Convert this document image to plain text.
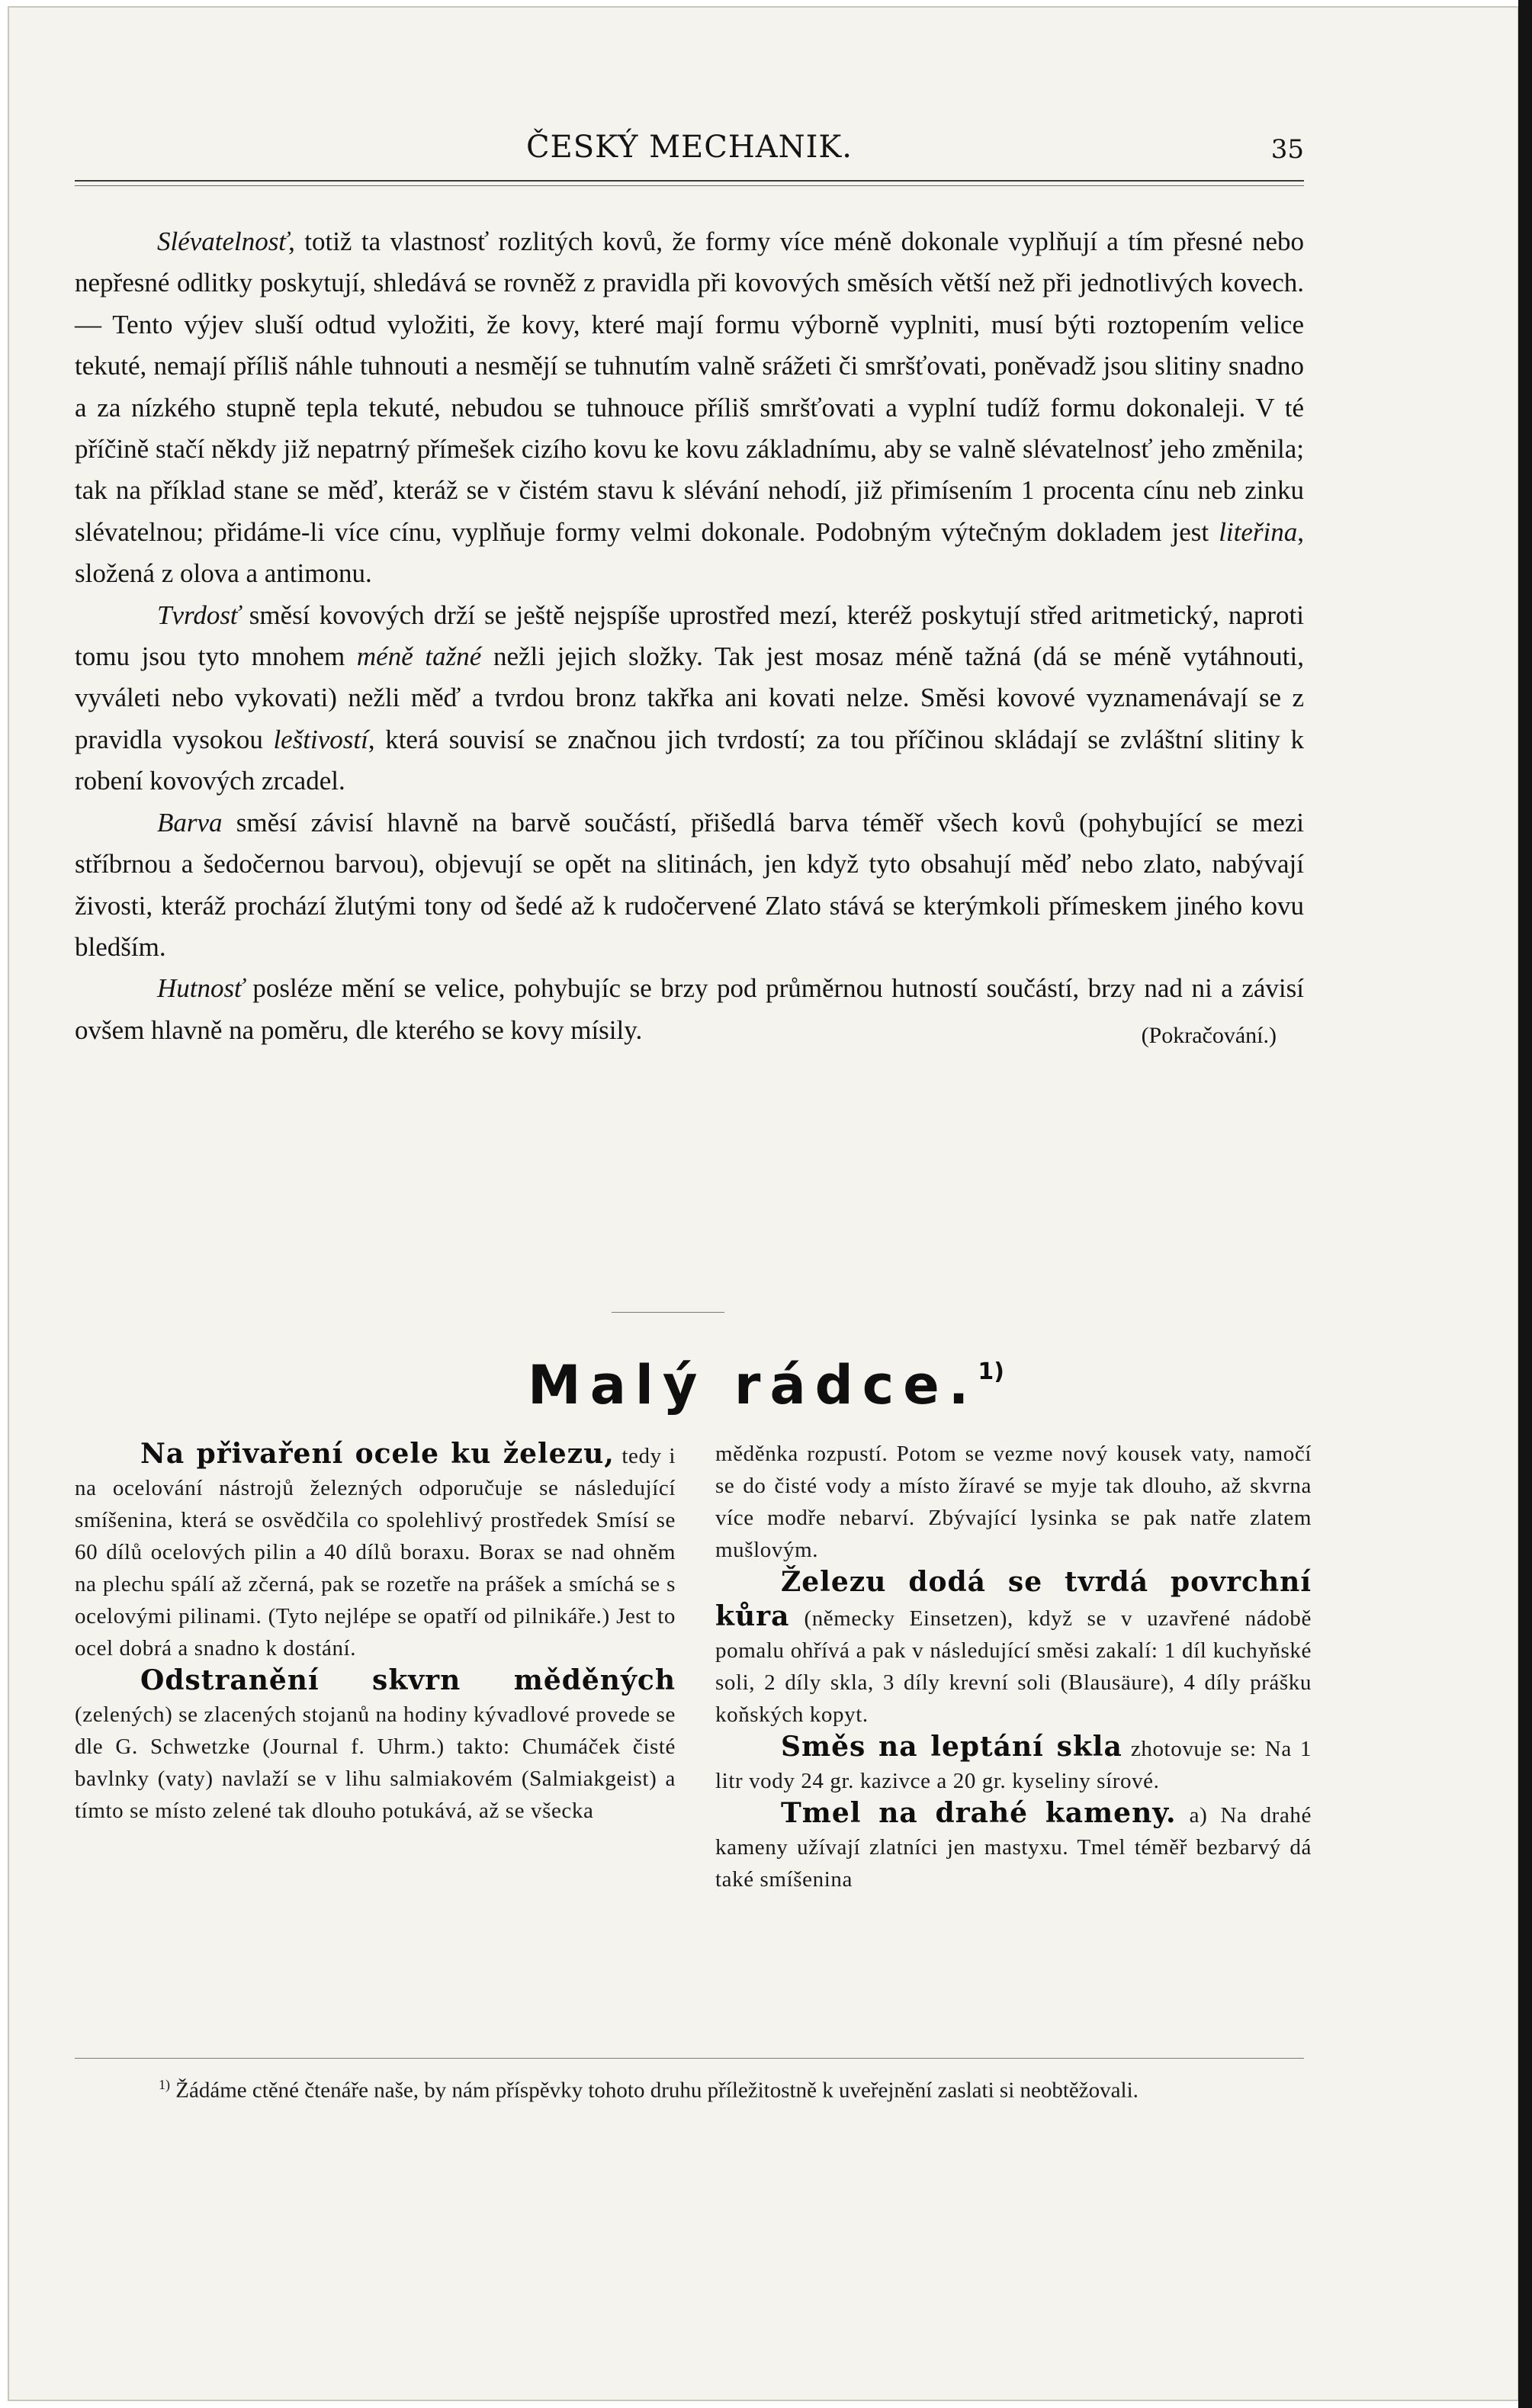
ČESKÝ MECHANIK.	35

Slévatelnosť, totiž ta vlastnosť rozlitých kovů, že formy více méně dokonale vyplňují a tím přesné nebo nepřesné odlitky poskytují, shledává se rovněž z pravidla při kovových směsích větší než při jednotlivých kovech. — Tento výjev sluší odtud vyložiti, že kovy, které mají formu výborně vyplniti, musí býti roztopením velice tekuté, nemají příliš náhle tuhnouti a nesmějí se tuhnutím valně srážeti či smršťovati, poněvadž jsou slitiny snadno a za nízkého stupně tepla tekuté, nebudou se tuhnouce příliš smršťovati a vyplní tudíž formu dokonaleji. V té příčině stačí někdy již nepatrný přímešek cizího kovu ke kovu základnímu, aby se valně slévatelnosť jeho změnila; tak na příklad stane se měď, kteráž se v čistém stavu k slévání nehodí, již přimísením 1 procenta cínu neb zinku slévatelnou; přidáme-li více cínu, vyplňuje formy velmi dokonale. Podobným výtečným dokladem jest liteřina, složená z olova a antimonu.

Tvrdosť směsí kovových drží se ještě nejspíše uprostřed mezí, kteréž poskytují střed aritmetický, naproti tomu jsou tyto mnohem méně tažné nežli jejich složky. Tak jest mosaz méně tažná (dá se méně vytáhnouti, vyváleti nebo vykovati) nežli měď a tvrdou bronz takřka ani kovati nelze. Směsi kovové vyznamenávají se z pravidla vysokou leštivostí, která souvisí se značnou jich tvrdostí; za tou příčinou skládají se zvláštní slitiny k robení kovových zrcadel.

Barva směsí závisí hlavně na barvě součástí, přišedlá barva téměř všech kovů (pohybující se mezi stříbrnou a šedočernou barvou), objevují se opět na slitinách, jen když tyto obsahují měď nebo zlato, nabývají živosti, kteráž prochází žlutými tony od šedé až k rudočervené Zlato stává se kterýmkoli přímeskem jiného kovu bledším.

Hutnosť posléze mění se velice, pohybujíc se brzy pod průměrnou hutností součástí, brzy nad ni a závisí ovšem hlavně na poměru, dle kterého se kovy mísily.	(Pokračování.)
Malý rádce.$^{1)}$

Na přivaření ocele ku železu, tedy i na ocelování nástrojů železných odporučuje se následující smíšenina, která se osvědčila co spolehlivý prostředek Smísí se 60 dílů ocelových pilin a 40 dílů boraxu. Borax se nad ohněm na plechu spálí až zčerná, pak se rozetře na prášek a smíchá se s ocelovými pilinami. (Tyto nejlépe se opatří od pilnikáře.) Jest to ocel dobrá a snadno k dostání.

Odstranění skvrn měděných (zelených) se zlacených stojanů na hodiny kývadlové provede se dle G. Schwetzke (Journal f. Uhrm.) takto: Chumáček čisté bavlnky (vaty) navlaží se v lihu salmiakovém (Salmiakgeist) a tímto se místo zelené tak dlouho potukává, až se všecka

měděnka rozpustí. Potom se vezme nový kousek vaty, namočí se do čisté vody a místo žíravé se myje tak dlouho, až skvrna více modře nebarví. Zbývající lysinka se pak natře zlatem mušlovým.

Železu dodá se tvrdá povrchní kůra (německy Einsetzen), když se v uzavřené nádobě pomalu ohřívá a pak v následující směsi zakalí: 1 díl kuchyňské soli, 2 díly skla, 3 díly krevní soli (Blausäure), 4 díly prášku koňských kopyt.

Směs na leptání skla zhotovuje se: Na 1 litr vody 24 gr. kazivce a 20 gr. kyseliny sírové.

Tmel na drahé kameny. a) Na drahé kameny užívají zlatníci jen mastyxu. Tmel téměř bezbarvý dá také smíšenina

$^{1)}$ Žádáme ctěné čtenáře naše, by nám příspěvky tohoto druhu příležitostně k uveřejnění zaslati si neobtěžovali.
